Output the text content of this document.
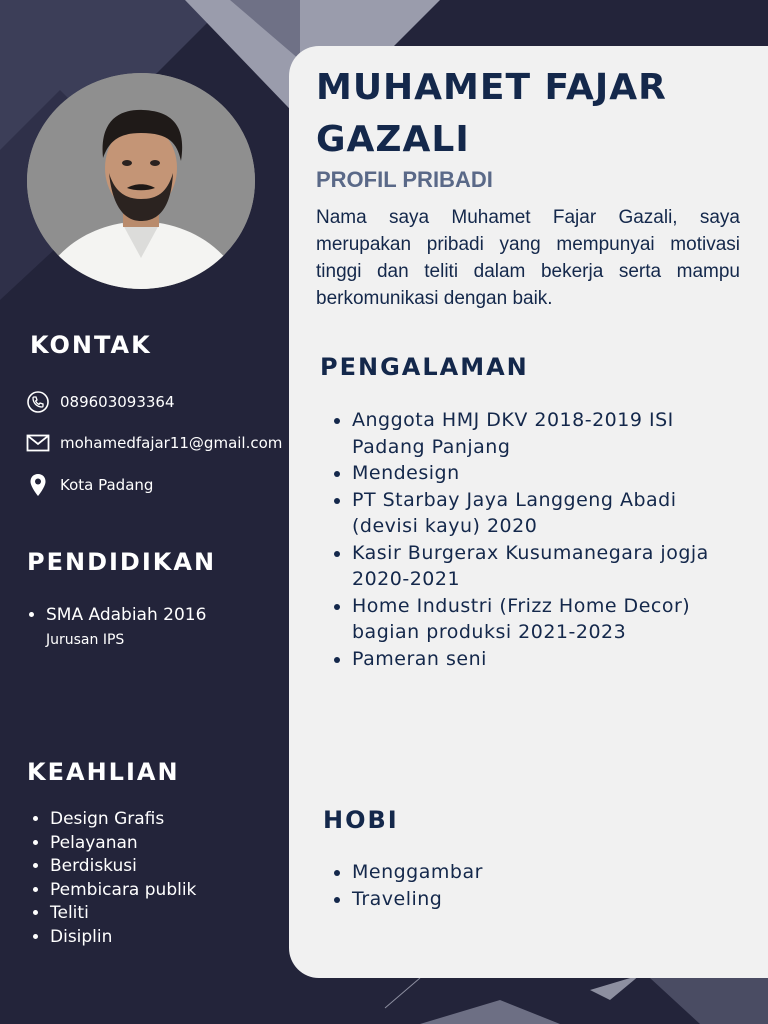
MUHAMET FAJAR GAZALI
PROFIL PRIBADI

Nama saya Muhamet Fajar Gazali, saya merupakan pribadi yang mempunyai motivasi tinggi dan teliti dalam bekerja serta mampu berkomunikasi dengan baik.

KONTAK
089603093364
mohamedfajar11@gmail.com
Kota Padang
PENDIDIKAN
• SMA Adabiah 2016
Jurusan IPS
KEAHLIAN
• Design Grafis
• Pelayanan
• Berdiskusi
• Pembicara publik
• Teliti
• Disiplin
PENGALAMAN
• Anggota HMJ DKV 2018-2019 ISI Padang Panjang
• Mendesign
• PT Starbay Jaya Langgeng Abadi (devisi kayu) 2020
• Kasir Burgerax Kusumanegara jogja 2020-2021
• Home Industri (Frizz Home Decor) bagian produksi 2021-2023
• Pameran seni
HOBI
• Menggambar
• Traveling
